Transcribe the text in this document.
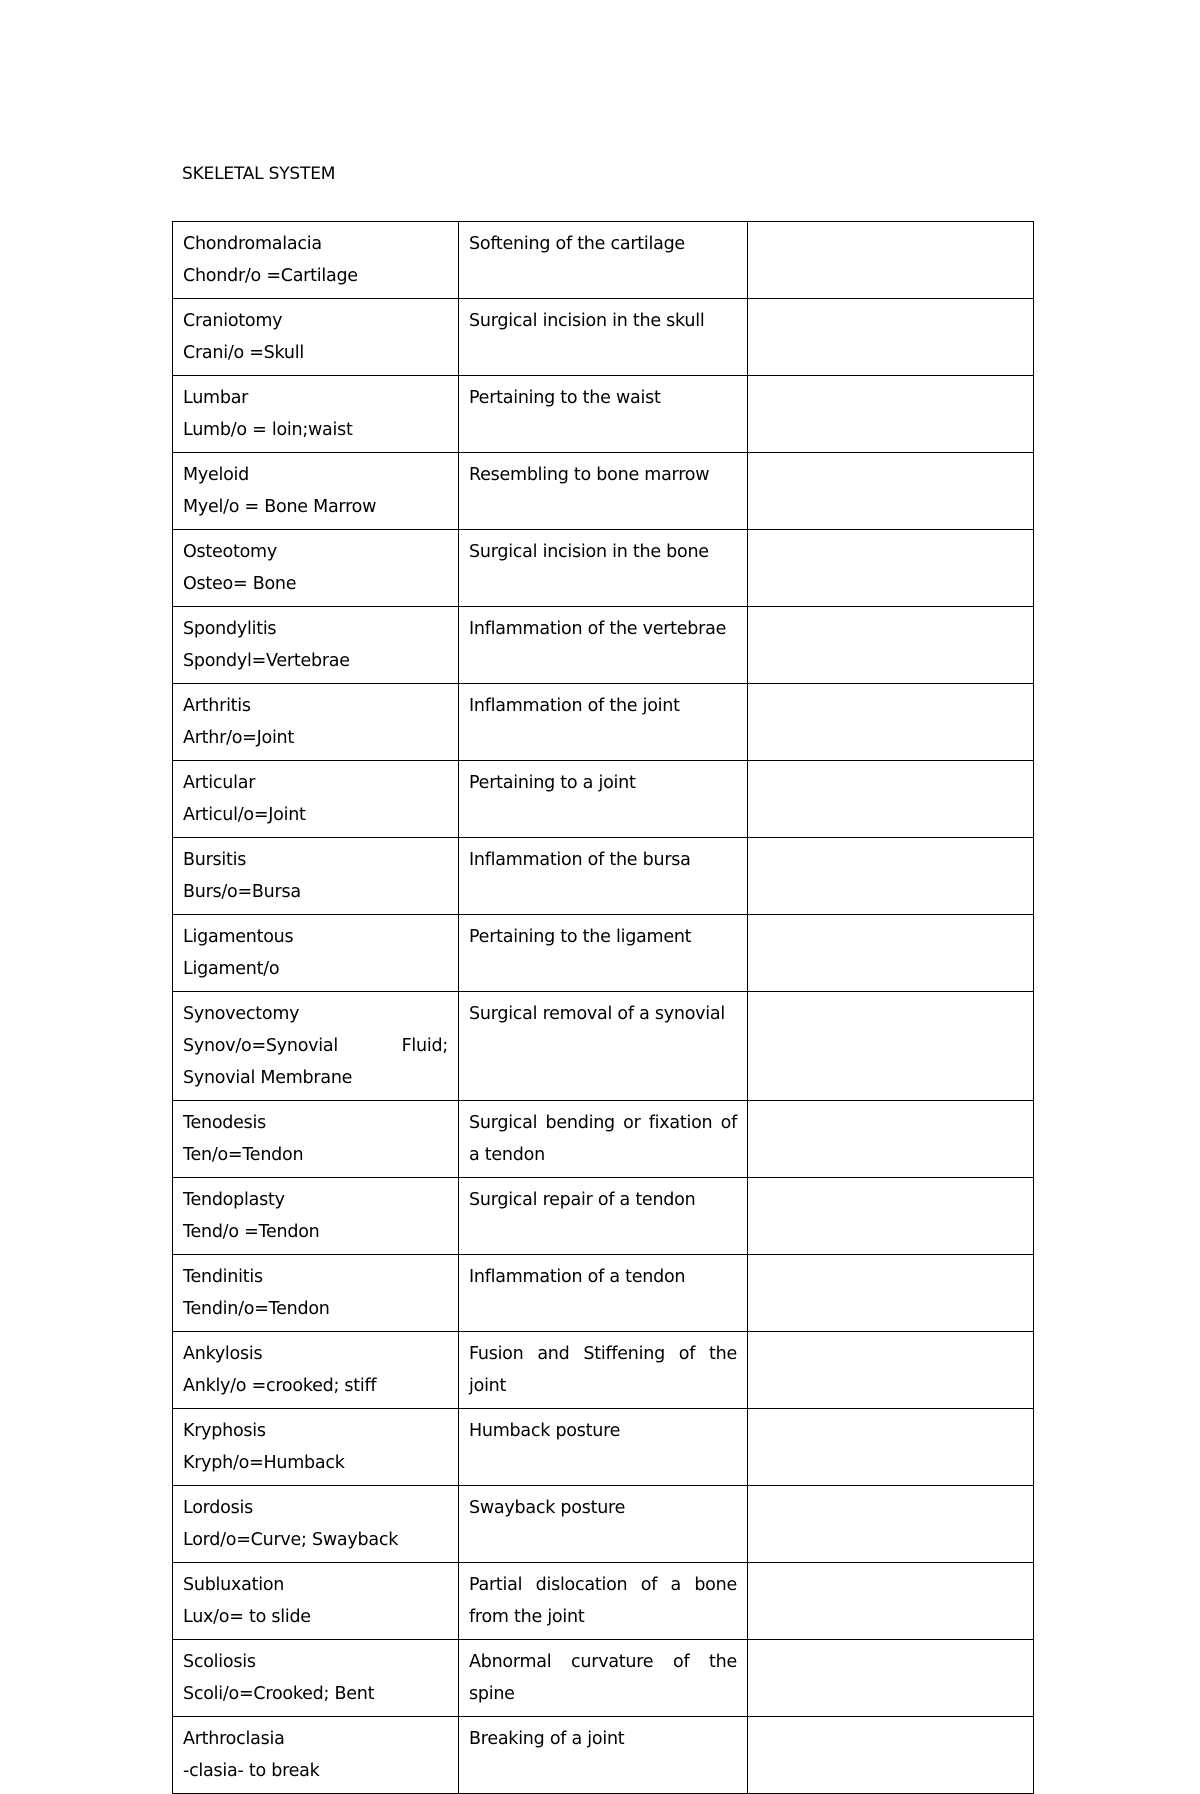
SKELETAL SYSTEM
Chondromalacia
Chondr/o =Cartilage	Softening of the cartilage	

Craniotomy
Crani/o =Skull	Surgical incision in the skull	

Lumbar
Lumb/o = loin;waist	Pertaining to the waist	

Myeloid
Myel/o = Bone Marrow	Resembling to bone marrow	

Osteotomy
Osteo= Bone	Surgical incision in the bone	

Spondylitis
Spondyl=Vertebrae	Inflammation of the vertebrae	

Arthritis
Arthr/o=Joint	Inflammation of the joint	

Articular
Articul/o=Joint	Pertaining to a joint	

Bursitis
Burs/o=Bursa	Inflammation of the bursa	

Ligamentous
Ligament/o	Pertaining to the ligament	

Synovectomy
Synov/o=Synovial Fluid; Synovial Membrane	Surgical removal of a synovial	

Tenodesis
Ten/o=Tendon	Surgical bending or fixation of a tendon	

Tendoplasty
Tend/o =Tendon	Surgical repair of a tendon	

Tendinitis
Tendin/o=Tendon	Inflammation of a tendon	

Ankylosis
Ankly/o =crooked; stiff	Fusion and Stiffening of the joint	

Kryphosis
Kryph/o=Humback	Humback posture	

Lordosis
Lord/o=Curve; Swayback	Swayback posture	

Subluxation
Lux/o= to slide	Partial dislocation of a bone from the joint	

Scoliosis
Scoli/o=Crooked; Bent	Abnormal curvature of the spine	

Arthroclasia
-clasia- to break	Breaking of a joint	
